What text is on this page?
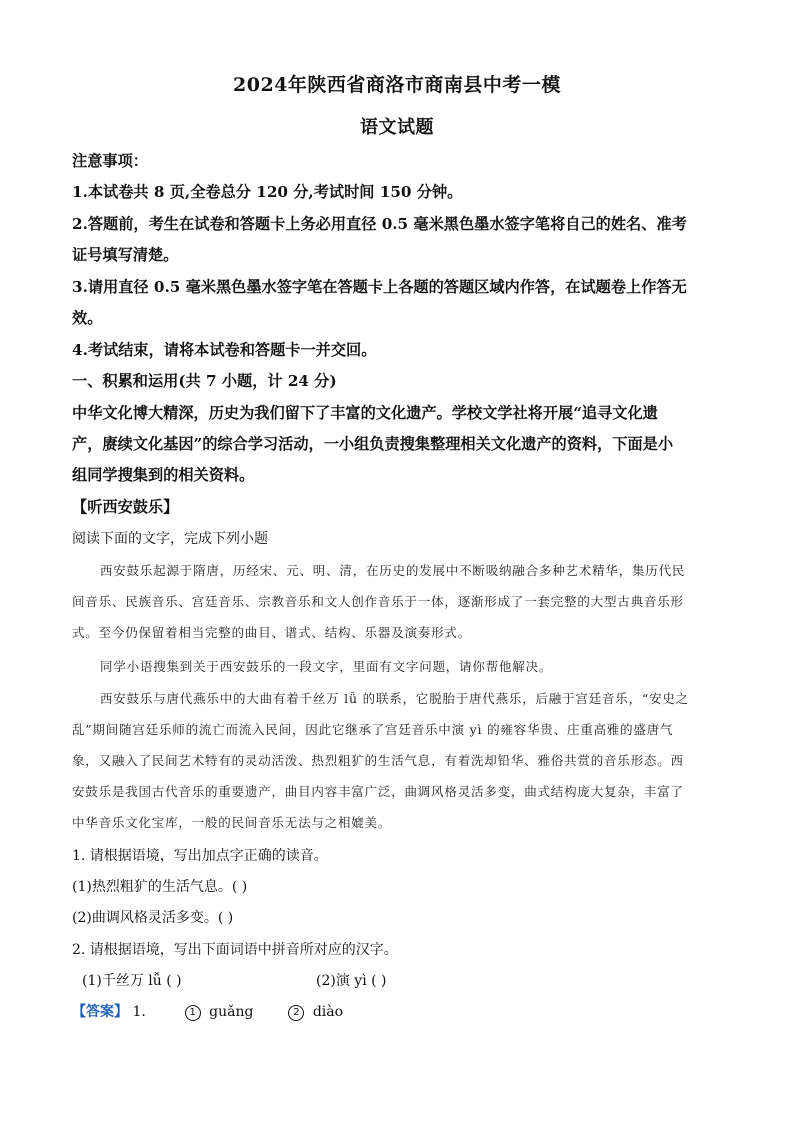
2024年陕西省商洛市商南县中考一模
语文试题
注意事项：
1.本试卷共 8 页,全卷总分 120 分,考试时间 150 分钟。
2.答题前，考生在试卷和答题卡上务必用直径 0.5 毫米黑色墨水签字笔将自己的姓名、准考
证号填写清楚。
3.请用直径 0.5 毫米黑色墨水签字笔在答题卡上各题的答题区域内作答，在试题卷上作答无
效。
4.考试结束，请将本试卷和答题卡一并交回。
一、积累和运用(共 7 小题，计 24 分)
中华文化博大精深，历史为我们留下了丰富的文化遗产。学校文学社将开展“追寻文化遗
产，赓续文化基因”的综合学习活动，一小组负责搜集整理相关文化遗产的资料，下面是小
组同学搜集到的相关资料。
【听西安鼓乐】
阅读下面的文字，完成下列小题
西安鼓乐起源于隋唐，历经宋、元、明、清，在历史的发展中不断吸纳融合多种艺术精华，集历代民
间音乐、民族音乐、宫廷音乐、宗教音乐和文人创作音乐于一体，逐渐形成了一套完整的大型古典音乐形
式。至今仍保留着相当完整的曲目、谱式、结构、乐器及演奏形式。
同学小语搜集到关于西安鼓乐的一段文字，里面有文字问题，请你帮他解决。
西安鼓乐与唐代燕乐中的大曲有着千丝万 lǚ 的联系，它脱胎于唐代燕乐，后融于宫廷音乐，“安史之
乱”期间随宫廷乐师的流亡而流入民间，因此它继承了宫廷音乐中演 yì 的雍容华贵、庄重高雅的盛唐气
象，又融入了民间艺术特有的灵动活泼、热烈粗犷的生活气息，有着洗却铅华、雅俗共赏的音乐形态。西
安鼓乐是我国古代音乐的重要遗产，曲目内容丰富广泛，曲调风格灵活多变，曲式结构庞大复杂，丰富了
中华音乐文化宝库，一般的民间音乐无法与之相媲美。
1. 请根据语境，写出加点字正确的读音。
(1)热烈粗犷的生活气息。( )
(2)曲调风格灵活多变。( )
2. 请根据语境，写出下面词语中拼音所对应的汉字。
(1)千丝万 lǚ ( )	(2)演 yì ( )
【答案】 1.	1 guǎng	2 diào
